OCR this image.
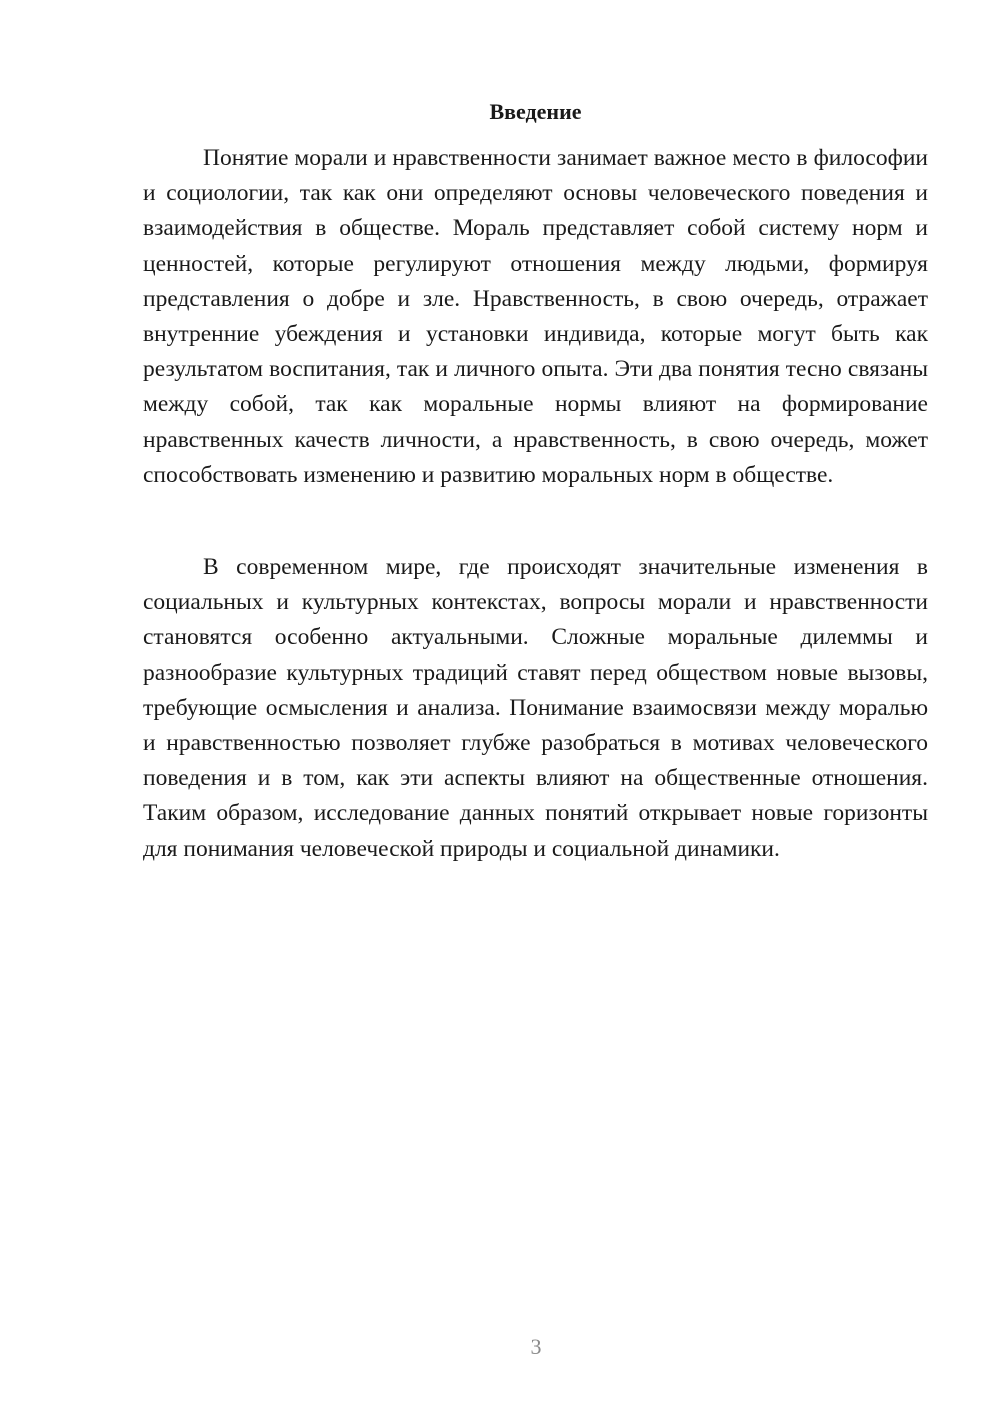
Введение

Понятие морали и нравственности занимает важное место в философии и социологии, так как они определяют основы человеческого поведения и взаимодействия в обществе. Мораль представляет собой систему норм и ценностей, которые регулируют отношения между людьми, формируя представления о добре и зле. Нравственность, в свою очередь, отражает внутренние убеждения и установки индивида, которые могут быть как результатом воспитания, так и личного опыта. Эти два понятия тесно связаны между собой, так как моральные нормы влияют на формирование нравственных качеств личности, а нравственность, в свою очередь, может способствовать изменению и развитию моральных норм в обществе.

В современном мире, где происходят значительные изменения в социальных и культурных контекстах, вопросы морали и нравственности становятся особенно актуальными. Сложные моральные дилеммы и разнообразие культурных традиций ставят перед обществом новые вызовы, требующие осмысления и анализа. Понимание взаимосвязи между моралью и нравственностью позволяет глубже разобраться в мотивах человеческого поведения и в том, как эти аспекты влияют на общественные отношения. Таким образом, исследование данных понятий открывает новые горизонты для понимания человеческой природы и социальной динамики.

3
